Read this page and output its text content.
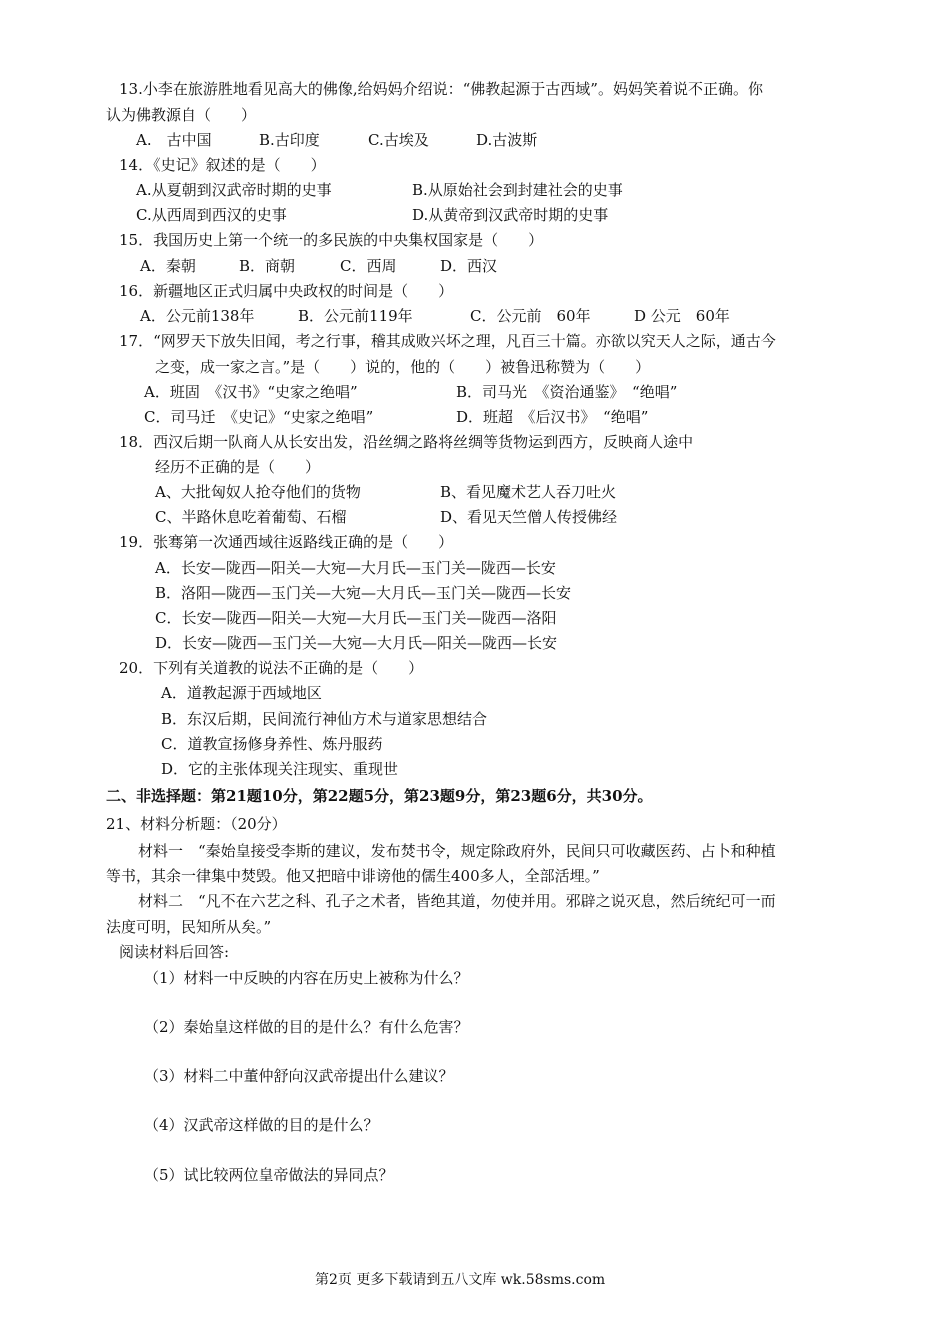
13.小李在旅游胜地看见高大的佛像,给妈妈介绍说：“佛教起源于古西域”。妈妈笑着说不正确。你
认为佛教源自（　　）
A.　古中国	B.古印度	C.古埃及	D.古波斯
14．《史记》叙述的是（　　）
A.从夏朝到汉武帝时期的史事	B.从原始社会到封建社会的史事
C.从西周到西汉的史事	D.从黄帝到汉武帝时期的史事
15．我国历史上第一个统一的多民族的中央集权国家是（　　）
A．秦朝	B．商朝	C．西周	D．西汉
16．新疆地区正式归属中央政权的时间是（　　）
A．公元前138年	B．公元前119年	C．公元前　60年	D 公元　60年
17．“网罗天下放失旧闻，考之行事，稽其成败兴坏之理，凡百三十篇。亦欲以究天人之际，通古今
之变，成一家之言。”是（　　）说的，他的（　　）被鲁迅称赞为（　　）
A．班固　《汉书》“史家之绝唱”	B．司马光　《资治通鉴》　“绝唱”
C．司马迁　《史记》“史家之绝唱”	D．班超　《后汉书》　“绝唱”
18．西汉后期一队商人从长安出发，沿丝绸之路将丝绸等货物运到西方，反映商人途中
经历不正确的是（　　）
A、大批匈奴人抢夺他们的货物	B、看见魔术艺人吞刀吐火
C、半路休息吃着葡萄、石榴	D、看见天竺僧人传授佛经
19．张骞第一次通西域往返路线正确的是（　　）
A．长安—陇西—阳关—大宛—大月氏—玉门关—陇西—长安
B．洛阳—陇西—玉门关—大宛—大月氏—玉门关—陇西—长安
C．长安—陇西—阳关—大宛—大月氏—玉门关—陇西—洛阳
D．长安—陇西—玉门关—大宛—大月氏—阳关—陇西—长安
20．下列有关道教的说法不正确的是（　　）
A．道教起源于西域地区
B．东汉后期，民间流行神仙方术与道家思想结合
C．道教宣扬修身养性、炼丹服药
D．它的主张体现关注现实、重现世
二、非选择题：第21题10分，第22题5分，第23题9分，第23题6分，共30分。
21、材料分析题：（20分）
材料一　“秦始皇接受李斯的建议，发布焚书令，规定除政府外，民间只可收藏医药、占卜和种植
等书，其余一律集中焚毁。他又把暗中诽谤他的儒生400多人，全部活埋。”
材料二　“凡不在六艺之科、孔子之术者，皆绝其道，勿使并用。邪辟之说灭息，然后统纪可一而
法度可明，民知所从矣。”
阅读材料后回答:
（1）材料一中反映的内容在历史上被称为什么？
（2）秦始皇这样做的目的是什么？有什么危害？
（3）材料二中董仲舒向汉武帝提出什么建议？
（4）汉武帝这样做的目的是什么？
（5）试比较两位皇帝做法的异同点？
第2页 更多下载请到五八文库 wk.58sms.com
